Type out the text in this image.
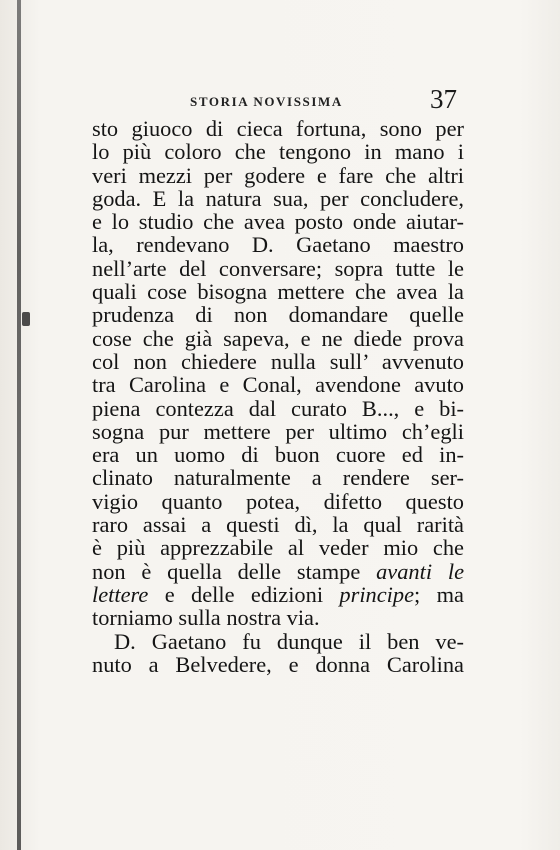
STORIA NOVISSIMA	37
sto giuoco di cieca fortuna, sono per
lo più coloro che tengono in mano i
veri mezzi per godere e fare che altri
goda. E la natura sua, per concludere,
e lo studio che avea posto onde aiutar-
la, rendevano D. Gaetano maestro
nell’arte del conversare; sopra tutte le
quali cose bisogna mettere che avea la
prudenza di non domandare quelle
cose che già sapeva, e ne diede prova
col non chiedere nulla sull’ avvenuto
tra Carolina e Conal, avendone avuto
piena contezza dal curato B..., e bi-
sogna pur mettere per ultimo ch’egli
era un uomo di buon cuore ed in-
clinato naturalmente a rendere ser-
vigio quanto potea, difetto questo
raro assai a questi dì, la qual rarità
è più apprezzabile al veder mio che
non è quella delle stampe avanti le
lettere e delle edizioni principe; ma
torniamo sulla nostra via.
D. Gaetano fu dunque il ben ve-
nuto a Belvedere, e donna Carolina
